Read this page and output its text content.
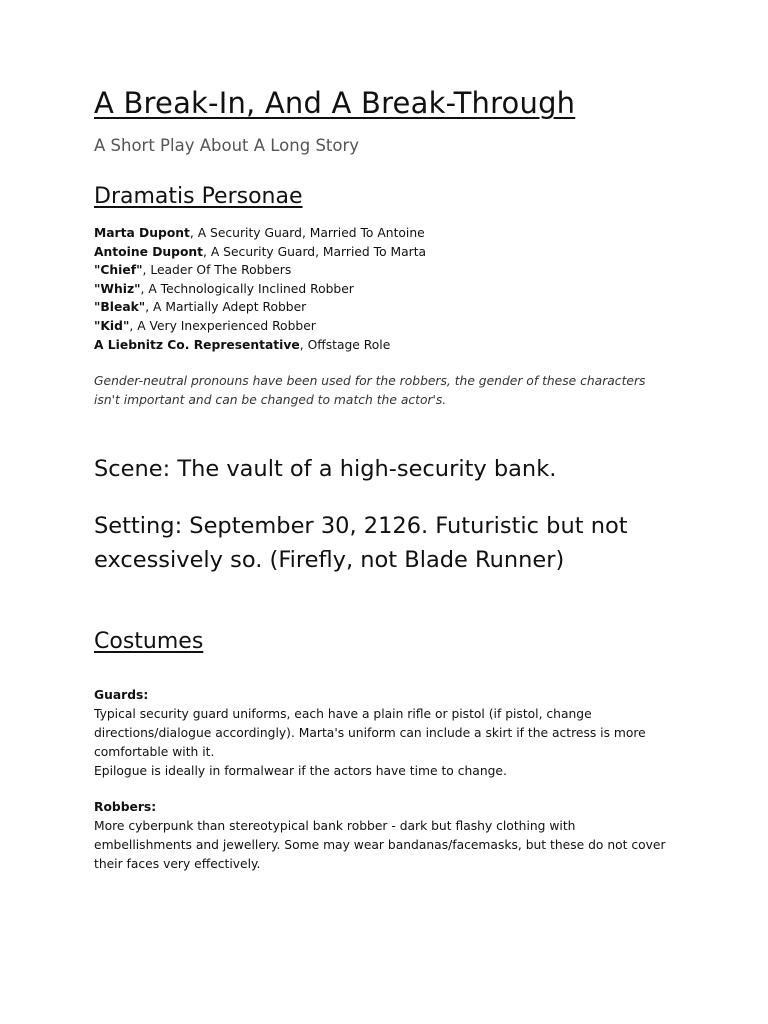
A Break-In, And A Break-Through

A Short Play About A Long Story

Dramatis Personae
Marta Dupont, A Security Guard, Married To Antoine
Antoine Dupont, A Security Guard, Married To Marta
"Chief", Leader Of The Robbers
"Whiz", A Technologically Inclined Robber
"Bleak", A Martially Adept Robber
"Kid", A Very Inexperienced Robber
A Liebnitz Co. Representative, Offstage Role

Gender-neutral pronouns have been used for the robbers, the gender of these characters isn't important and can be changed to match the actor's.

Scene: The vault of a high-security bank.

Setting: September 30, 2126. Futuristic but not excessively so. (Firefly, not Blade Runner)

Costumes
Guards:
Typical security guard uniforms, each have a plain rifle or pistol (if pistol, change directions/dialogue accordingly). Marta's uniform can include a skirt if the actress is more comfortable with it.
Epilogue is ideally in formalwear if the actors have time to change.
Robbers:
More cyberpunk than stereotypical bank robber - dark but flashy clothing with embellishments and jewellery. Some may wear bandanas/facemasks, but these do not cover their faces very effectively.
